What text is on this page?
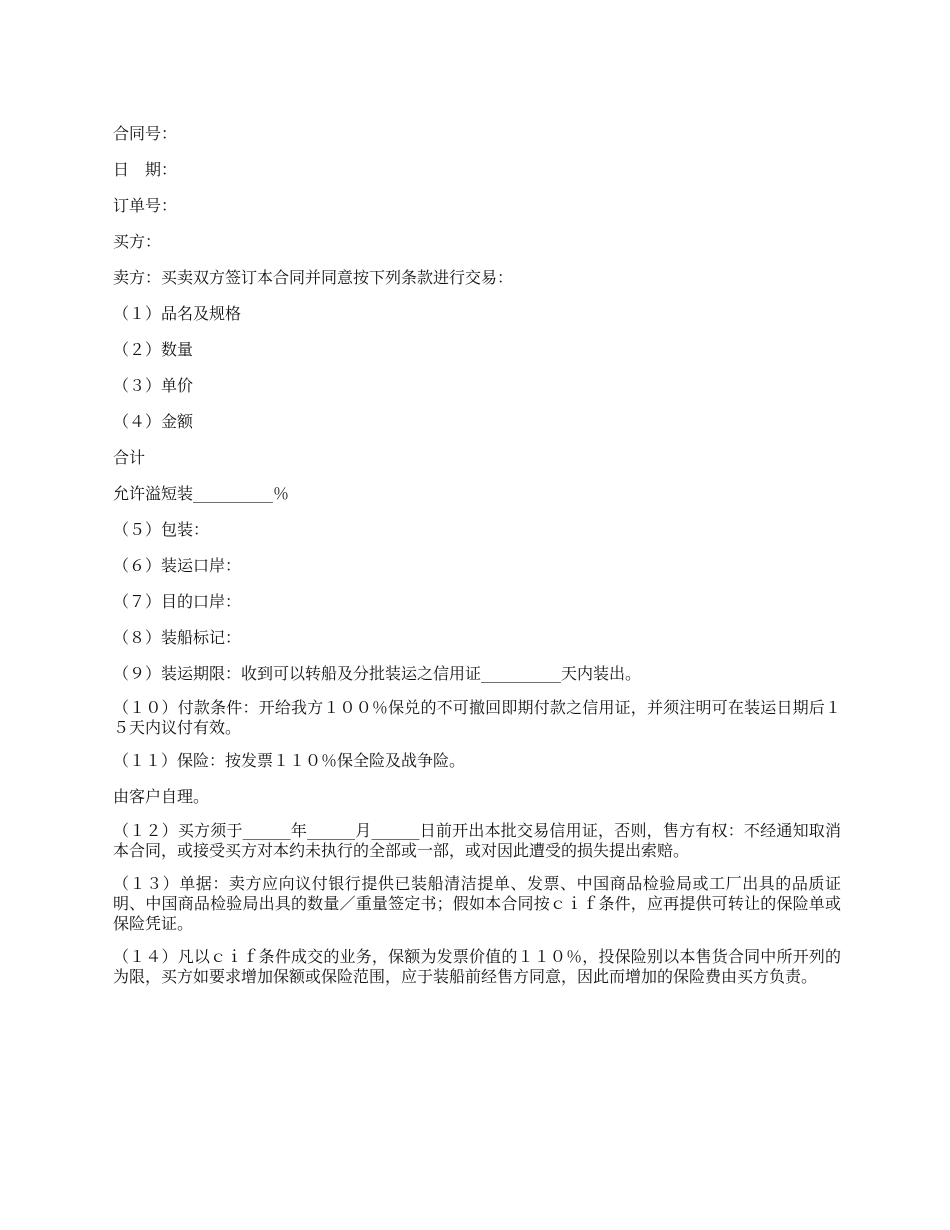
合同号：
日　期：
订单号：
买方：
卖方：买卖双方签订本合同并同意按下列条款进行交易：
（１）品名及规格
（２）数量
（３）单价
（４）金额
合计
允许溢短装__________％
（５）包装：
（６）装运口岸：
（７）目的口岸：
（８）装船标记：
（９）装运期限：收到可以转船及分批装运之信用证__________天内装出。
（１０）付款条件：开给我方１００％保兑的不可撤回即期付款之信用证，并须注明可在装运日期后１５天内议付有效。
（１１）保险：按发票１１０％保全险及战争险。
由客户自理。
（１２）买方须于______年______月______日前开出本批交易信用证，否则，售方有权：不经通知取消本合同，或接受买方对本约未执行的全部或一部，或对因此遭受的损失提出索赔。
（１３）单据：卖方应向议付银行提供已装船清洁提单、发票、中国商品检验局或工厂出具的品质证明、中国商品检验局出具的数量／重量签定书；假如本合同按ｃｉｆ条件，应再提供可转让的保险单或保险凭证。
（１４）凡以ｃｉｆ条件成交的业务，保额为发票价值的１１０％，投保险别以本售货合同中所开列的为限，买方如要求增加保额或保险范围，应于装船前经售方同意，因此而增加的保险费由买方负责。
